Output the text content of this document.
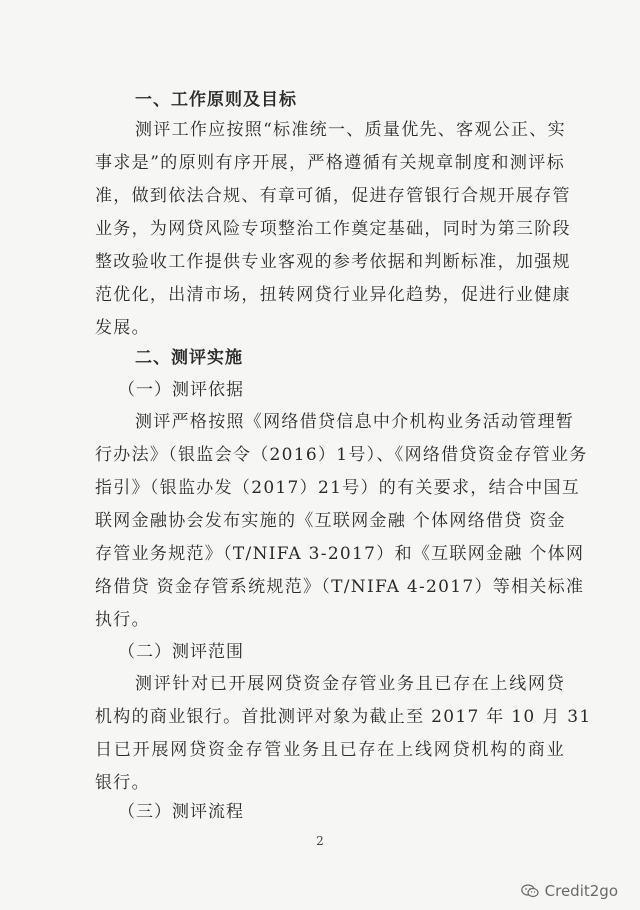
一、工作原则及目标
测评工作应按照“标准统一、质量优先、客观公正、实
事求是”的原则有序开展，严格遵循有关规章制度和测评标
准，做到依法合规、有章可循，促进存管银行合规开展存管
业务，为网贷风险专项整治工作奠定基础，同时为第三阶段
整改验收工作提供专业客观的参考依据和判断标准，加强规
范优化，出清市场，扭转网贷行业异化趋势，促进行业健康
发展。
二、测评实施
（一）测评依据
测评严格按照《网络借贷信息中介机构业务活动管理暂
行办法》（银监会令（2016）1号）、《网络借贷资金存管业务
指引》（银监办发（2017）21号）的有关要求，结合中国互
联网金融协会发布实施的《互联网金融 个体网络借贷 资金
存管业务规范》（T/NIFA 3-2017）和《互联网金融 个体网
络借贷 资金存管系统规范》（T/NIFA 4-2017）等相关标准
执行。
（二）测评范围
测评针对已开展网贷资金存管业务且已存在上线网贷
机构的商业银行。首批测评对象为截止至 2017 年 10 月 31
日已开展网贷资金存管业务且已存在上线网贷机构的商业
银行。
（三）测评流程
2
Credit2go
